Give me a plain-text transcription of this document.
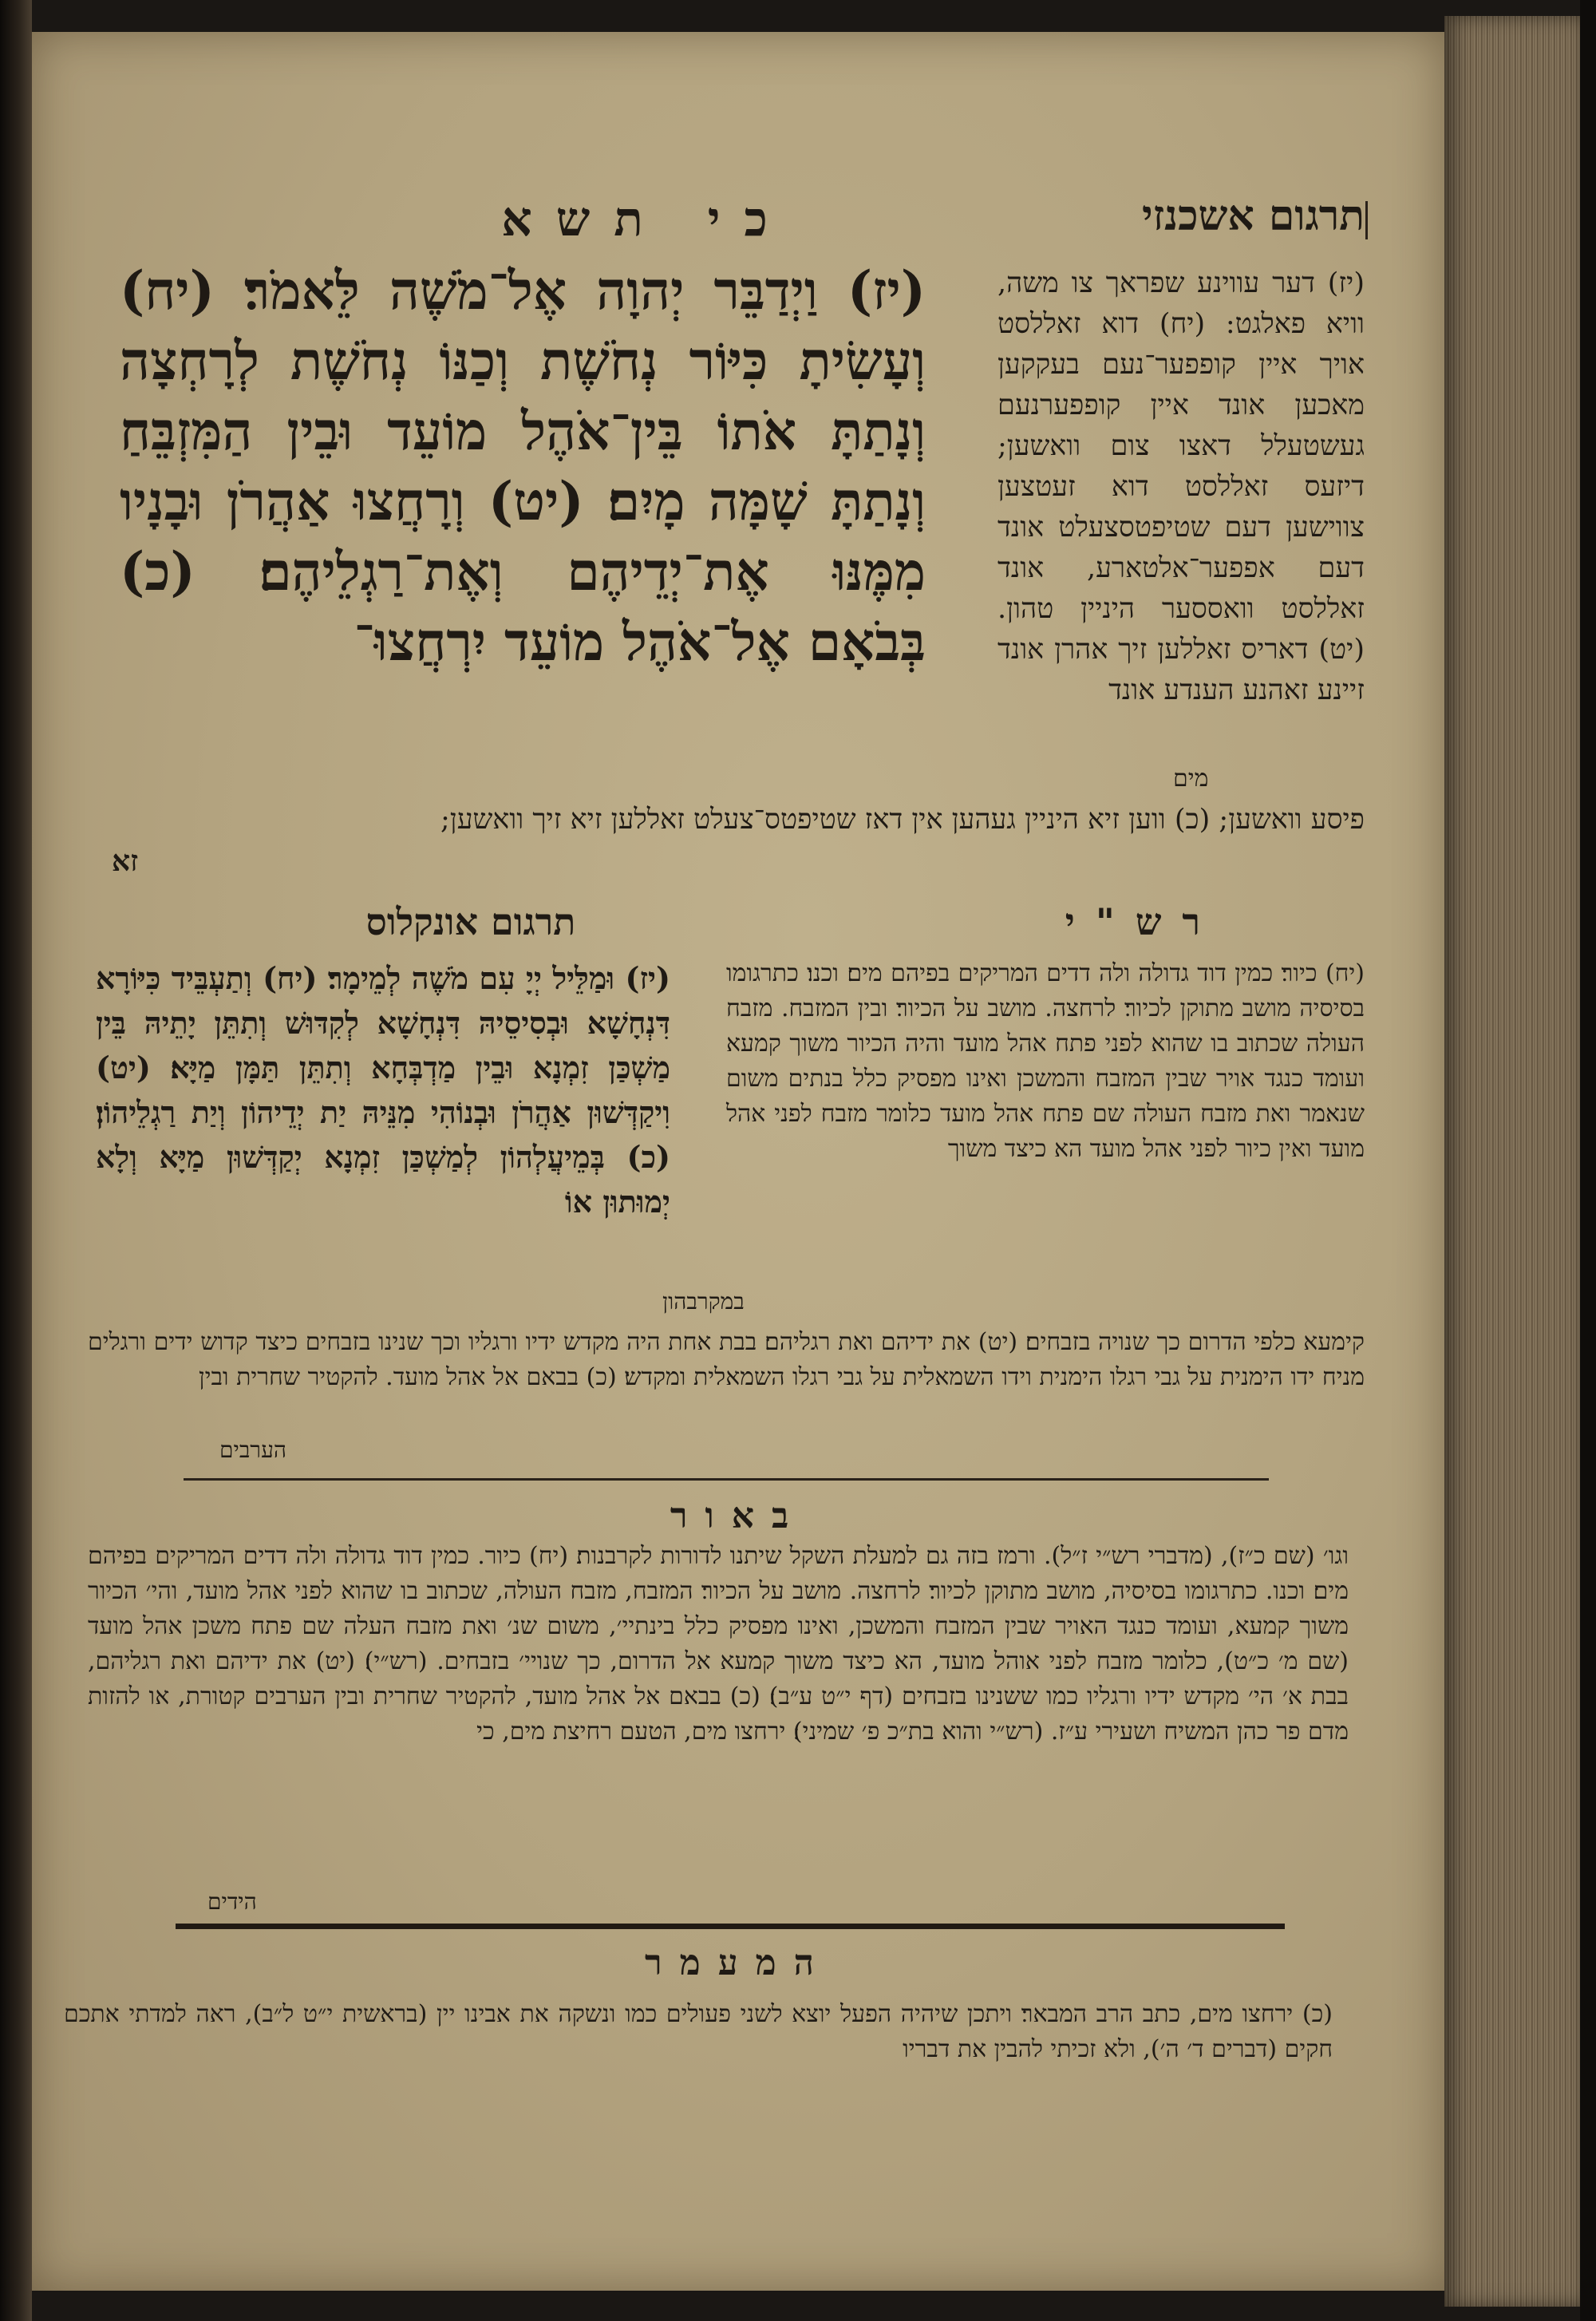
תרגום אשכנזי
כי תשא
(יז) דער עווינע שפראך צו משה, וויא פאלגט: (יח) דוא זאללסט אויך איין קופפער־נעם בעקקען מאכען אונד איין קופפערנעם געשטעלל דאצו צום וואשען; דיזעס זאללסט דוא זעטצען צווישען דעם שטיפטסצעלט אונד דעם אפפער־אלטארע, אונד זאללסט וואססער היניין טהון. (יט) דאריס זאללען זיך אהרן אונד זיינע זאהנע הענדע אונד
(יז) וַיְדַבֵּר יְהוָה אֶל־מֹשֶׁה לֵּאמֹר׃ (יח) וְעָשִׂיתָ כִּיּוֹר נְחֹשֶׁת וְכַנּוֹ נְחֹשֶׁת לְרָחְצָה וְנָתַתָּ אֹתוֹ בֵּין־אֹהֶל מוֹעֵד וּבֵין הַמִּזְבֵּחַ וְנָתַתָּ שָׁמָּה מָיִם׃ (יט) וְרָחֲצוּ אַהֲרֹן וּבָנָיו מִמֶּנּוּ אֶת־יְדֵיהֶם וְאֶת־רַגְלֵיהֶם׃ (כ) בְּבֹאָם אֶל־אֹהֶל מוֹעֵד יִרְחֲצוּ־
מים
פיסע וואשען; (כ) ווען זיא היניין געהען אין דאז שטיפטס־צעלט זאללען זיא זיך וואשען;
זא
רש"י
תרגום אונקלוס
(יח) כיור׃ כמין דוד גדולה ולה דדים המריקים בפיהם מים׃ וכנו׃ כתרגומו בסיסיה מושב מתוקן לכיור׃ לרחצה. מושב על הכיור׃ ובין המזבח. מזבח העולה שכתוב בו שהוא לפני פתח אהל מועד והיה הכיור משוך קמעא ועומד כנגד אויר שבין המזבח והמשכן ואינו מפסיק כלל בנתים משום שנאמר ואת מזבח העולה שם פתח אהל מועד כלומר מזבח לפני אהל מועד ואין כיור לפני אהל מועד הא כיצד משוך
(יז) וּמַלֵּיל יְיָ עִם מֹשֶׁה לְמֵימָר׃ (יח) וְתַעְבֵּיד כִּיּוֹרָא דִּנְחָשָׁא וּבְסִיסֵיהּ דִּנְחָשָׁא לְקִדּוּשׁ וְתִתֵּן יָתֵיהּ בֵּין מַשְׁכַּן זִמְנָא וּבֵין מַדְבְּחָא וְתִתֵּן תַּמָּן מַיָּא׃ (יט) וִיקַדְּשׁוּן אַהֲרֹן וּבְנוֹהִי מִנֵּיהּ יַת יְדֵיהוֹן וְיַת רַגְלֵיהוֹן׃ (כ) בְּמֵיעֲלְהוֹן לְמַשְׁכַּן זִמְנָא יְקַדְּשׁוּן מַיָּא וְלָא יְמוּתוּן אוֹ
במקרבהון
קימעא כלפי הדרום כך שנויה בזבחים׃ (יט) את ידיהם ואת רגליהם׃ בבת אחת היה מקדש ידיו ורגליו וכך שנינו בזבחים כיצד קדוש ידים ורגלים מניח ידו הימנית על גבי רגלו הימנית וידו השמאלית על גבי רגלו השמאלית ומקדש׃ (כ) בבאם אל אהל מועד. להקטיר שחרית ובין
הערבים
באור
וגו׳ (שם כ״ז), (מדברי רש״י ז״ל). ורמז בזה גם למעלת השקל שיתנו לדורות לקרבנות׃ (יח) כיור. כמין דוד גדולה ולה דדים המריקים בפיהם מים׃ וכנו. כתרגומו בסיסיה, מושב מתוקן לכיור׃ לרחצה. מושב על הכיור׃ המזבח, מזבח העולה, שכתוב בו שהוא לפני אהל מועד, והי׳ הכיור משוך קמעא, ועומד כנגד האויר שבין המזבח והמשכן, ואינו מפסיק כלל בינתיי׳, משום שנ׳ ואת מזבח העלה שם פתח משכן אהל מועד (שם מ׳ כ״ט), כלומר מזבח לפני אוהל מועד, הא כיצד משוך קמעא אל הדרום, כך שנויי׳ בזבחים. (רש״י)׃ (יט) את ידיהם ואת רגליהם, בבת א׳ הי׳ מקדש ידיו ורגליו כמו ששנינו בזבחים (דף י״ט ע״ב)׃ (כ) בבאם אל אהל מועד, להקטיר שחרית ובין הערבים קטורת, או להזות מדם פר כהן המשיח ושעירי ע״ז. (רש״י והוא בת״כ פ׳ שמיני)׃ ירחצו מים, הטעם רחיצת מים, כי
הידים
המעמר
(כ) ירחצו מים, כתב הרב המבאר׃ ויתכן שיהיה הפעל יוצא לשני פעולים כמו ונשקה את אבינו יין (בראשית י״ט ל״ב), ראה למדתי אתכם חקים (דברים ד׳ ה׳), ולא זכיתי להבין את דבריו
